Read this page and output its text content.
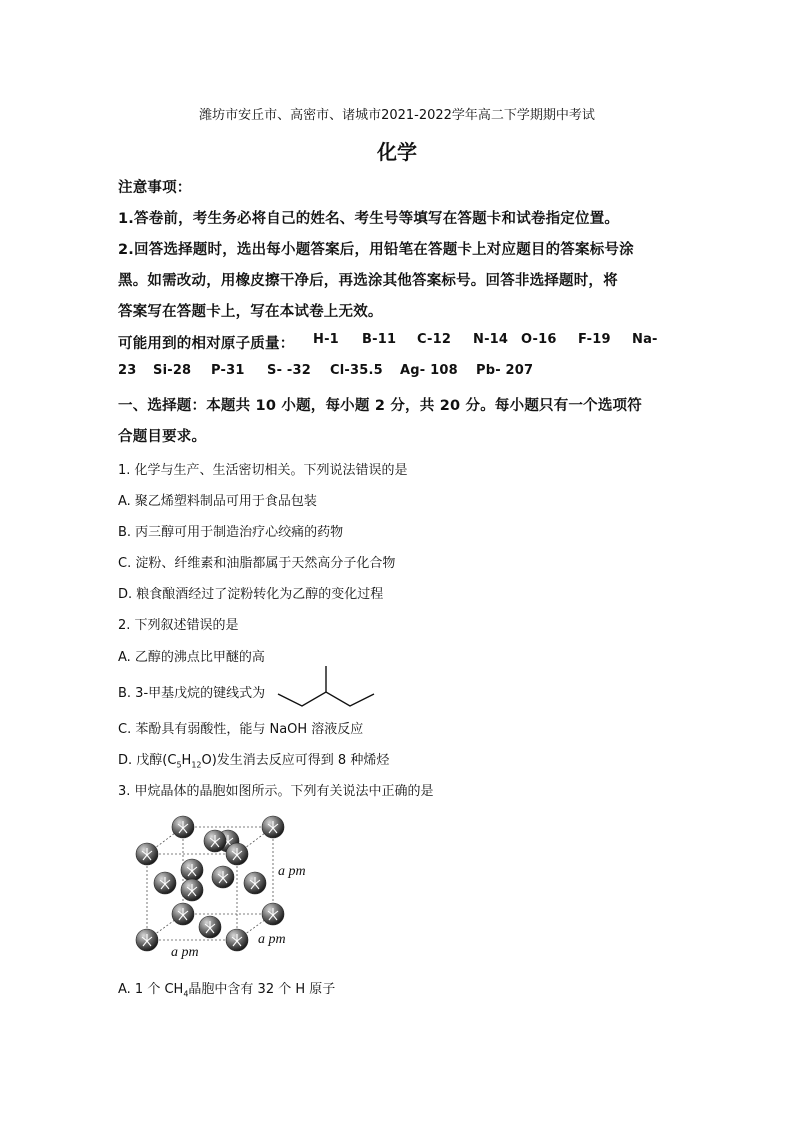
潍坊市安丘市、高密市、诸城市2021-2022学年高二下学期期中考试
化学
注意事项：
1.答卷前，考生务必将自己的姓名、考生号等填写在答题卡和试卷指定位置。
2.回答选择题时，选出每小题答案后，用铅笔在答题卡上对应题目的答案标号涂
黑。如需改动，用橡皮擦干净后，再选涂其他答案标号。回答非选择题时，将
答案写在答题卡上，写在本试卷上无效。
可能用到的相对原子质量： H-1 B-11 C-12 N-14 O-16 F-19 Na-
23 Si-28 P-31 S- -32 Cl-35.5 Ag- 108 Pb- 207
一、选择题：本题共 10 小题，每小题 2 分，共 20 分。每小题只有一个选项符
合题目要求。
1. 化学与生产、生活密切相关。下列说法错误的是
A. 聚乙烯塑料制品可用于食品包装
B. 丙三醇可用于制造治疗心绞痛的药物
C. 淀粉、纤维素和油脂都属于天然高分子化合物
D. 粮食酿酒经过了淀粉转化为乙醇的变化过程
2. 下列叙述错误的是
A. 乙醇的沸点比甲醚的高
B. 3-甲基戊烷的键线式为
C. 苯酚具有弱酸性，能与 NaOH 溶液反应
D. 戊醇$(C_5H_{12}O)$发生消去反应可得到 8 种烯烃
3. 甲烷晶体的晶胞如图所示。下列有关说法中正确的是
a pm
a pm
a pm
A. 1 个 $CH_4$晶胞中含有 32 个 H 原子
